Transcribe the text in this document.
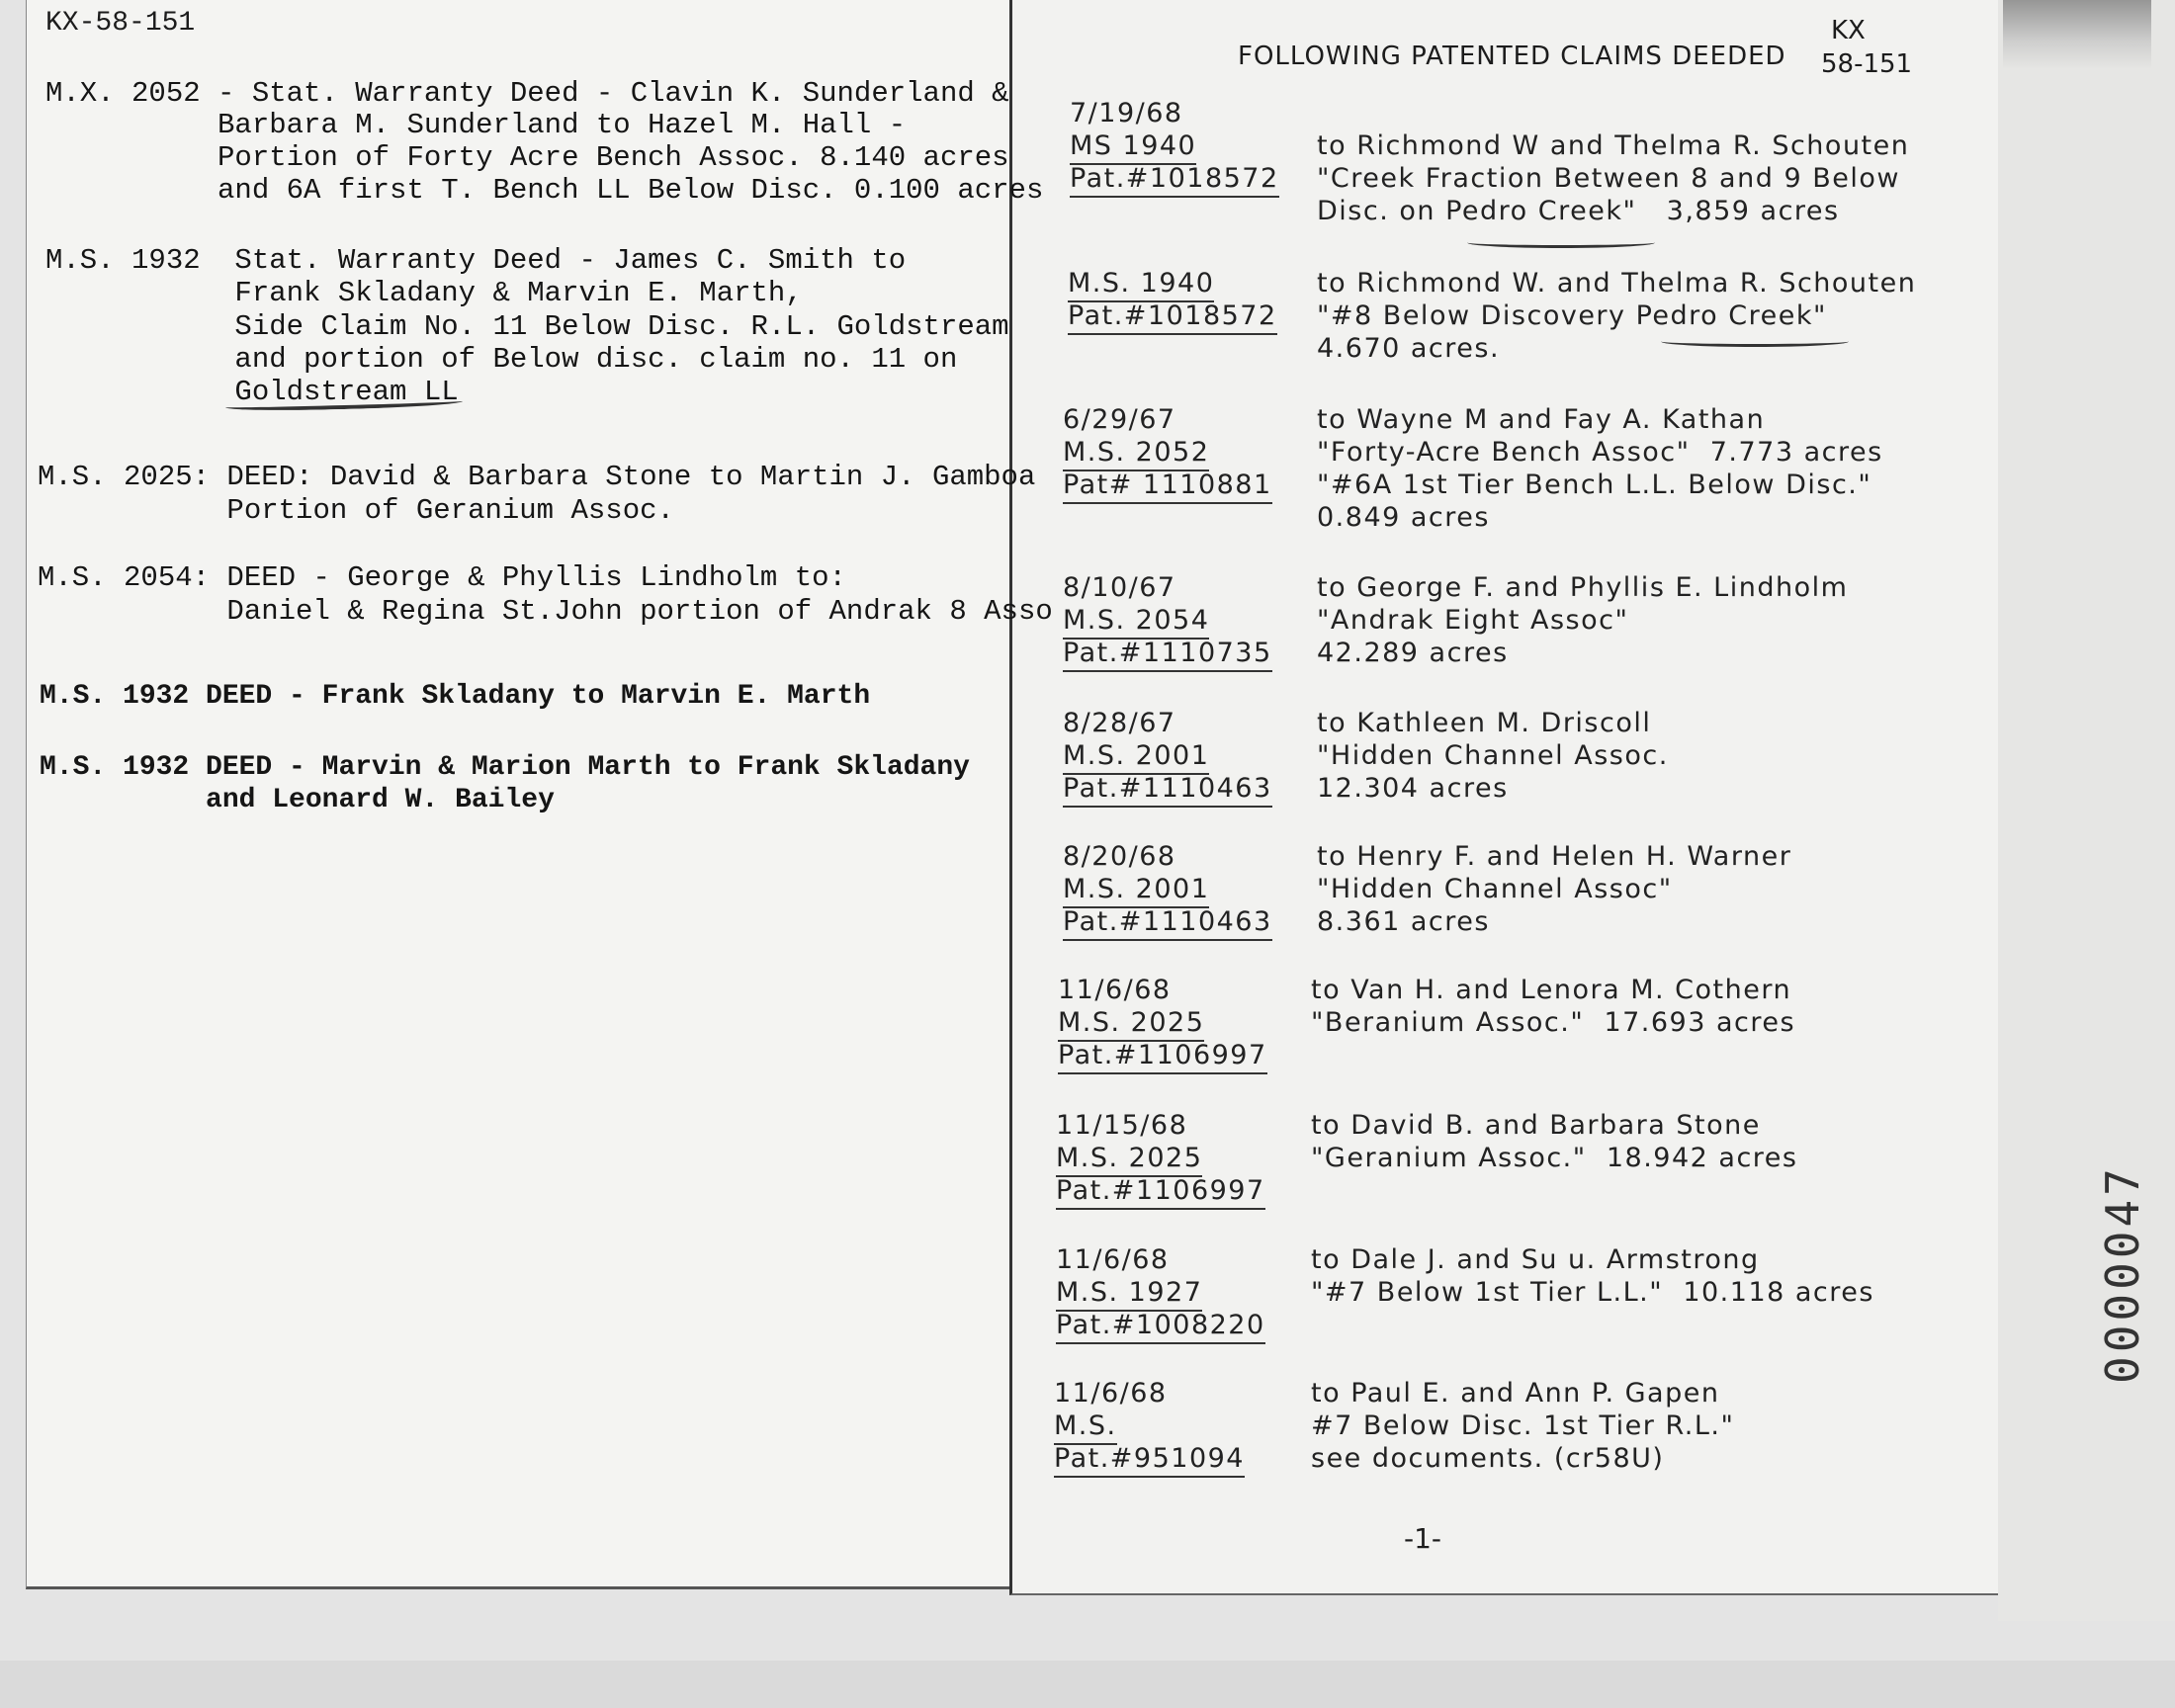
KX-58-151
M.X. 2052 - Stat. Warranty Deed - Clavin K. Sunderland &
Barbara M. Sunderland to Hazel M. Hall -
Portion of Forty Acre Bench Assoc. 8.140 acres
and 6A first T. Bench LL Below Disc. 0.100 acres
M.S. 1932  Stat. Warranty Deed - James C. Smith to
Frank Skladany & Marvin E. Marth,
Side Claim No. 11 Below Disc. R.L. Goldstream
and portion of Below disc. claim no. 11 on
Goldstream LL
M.S. 2025: DEED: David & Barbara Stone to Martin J. Gamboa
Portion of Geranium Assoc.
M.S. 2054: DEED - George & Phyllis Lindholm to:
Daniel & Regina St.John portion of Andrak 8 Asso
M.S. 1932 DEED - Frank Skladany to Marvin E. Marth
M.S. 1932 DEED - Marvin & Marion Marth to Frank Skladany
and Leonard W. Bailey
FOLLOWING PATENTED CLAIMS DEEDED
KX
58-151
7/19/68
MS 1940
Pat.#1018572
to Richmond W and Thelma R. Schouten
"Creek Fraction Between 8 and 9 Below
Disc. on Pedro Creek"   3,859 acres
M.S. 1940
Pat.#1018572
to Richmond W. and Thelma R. Schouten
"#8 Below Discovery Pedro Creek"
4.670 acres.
6/29/67
M.S. 2052
Pat# 1110881
to Wayne M and Fay A. Kathan
"Forty-Acre Bench Assoc"  7.773 acres
"#6A 1st Tier Bench L.L. Below Disc."
0.849 acres
8/10/67
M.S. 2054
Pat.#1110735
to George F. and Phyllis E. Lindholm
"Andrak Eight Assoc"
42.289 acres
8/28/67
M.S. 2001
Pat.#1110463
to Kathleen M. Driscoll
"Hidden Channel Assoc.
12.304 acres
8/20/68
M.S. 2001
Pat.#1110463
to Henry F. and Helen H. Warner
"Hidden Channel Assoc"
8.361 acres
11/6/68
M.S. 2025
Pat.#1106997
to Van H. and Lenora M. Cothern
"Beranium Assoc."  17.693 acres
11/15/68
M.S. 2025
Pat.#1106997
to David B. and Barbara Stone
"Geranium Assoc."  18.942 acres
11/6/68
M.S. 1927
Pat.#1008220
to Dale J. and Su u. Armstrong
"#7 Below 1st Tier L.L."  10.118 acres
11/6/68
M.S.
Pat.#951094
to Paul E. and Ann P. Gapen
#7 Below Disc. 1st Tier R.L."
see documents. (cr58U)
-1-
0000047
